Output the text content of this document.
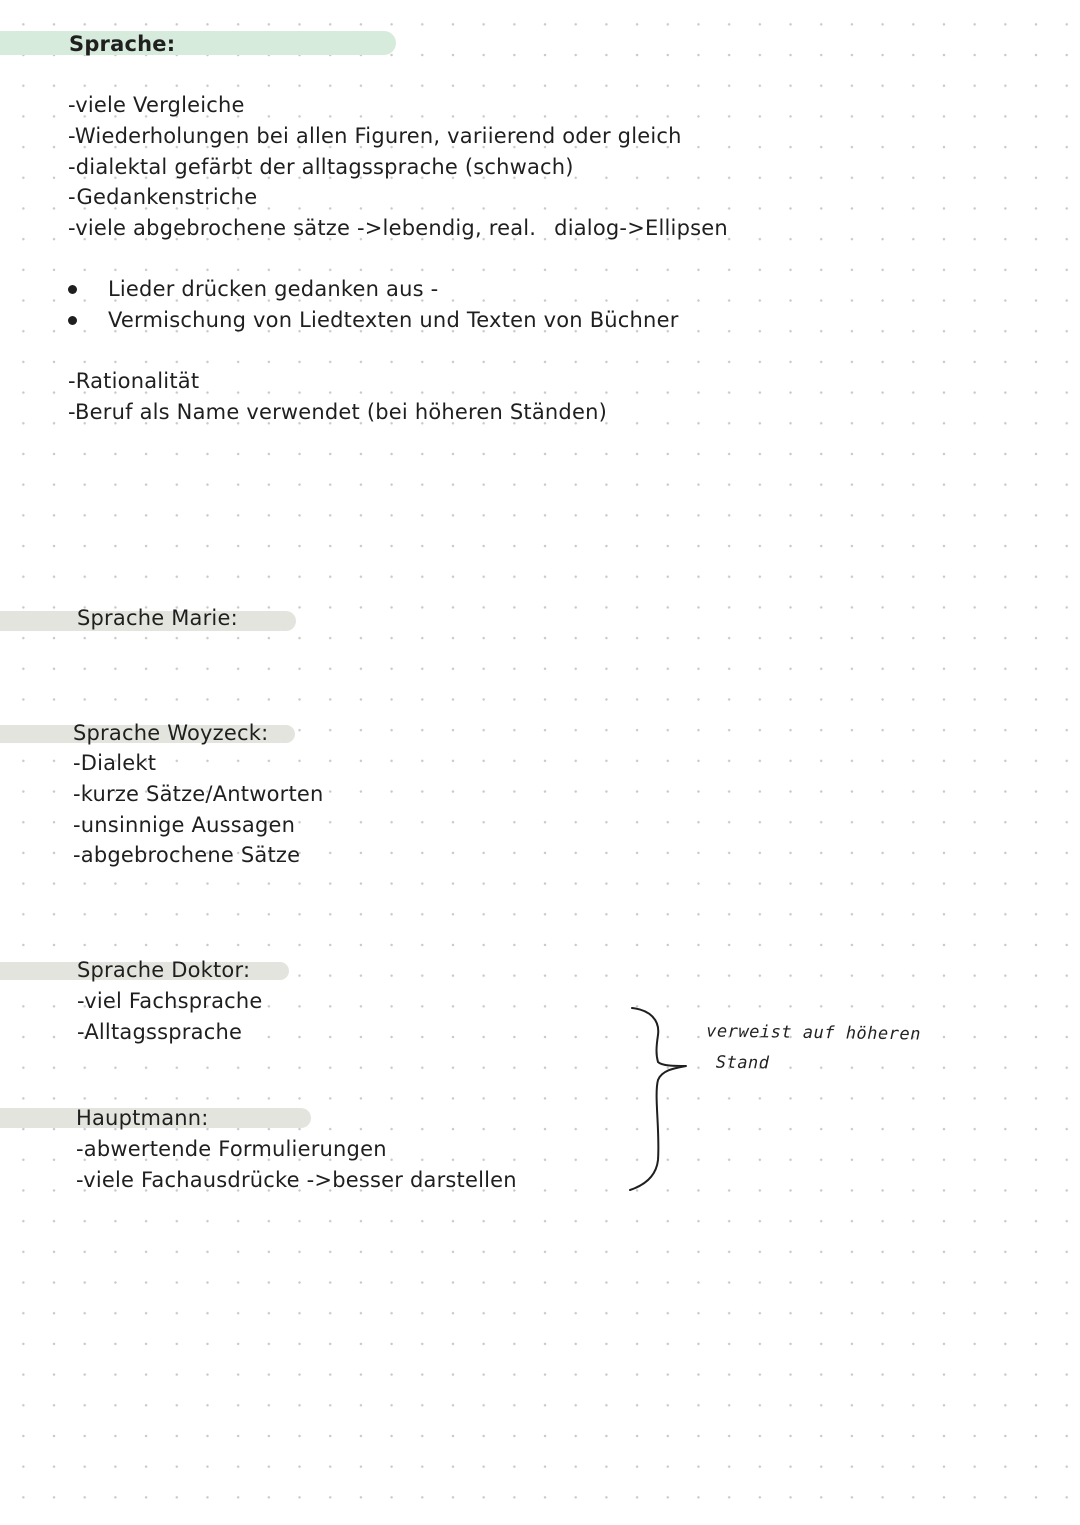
Sprache:
-viele Vergleiche
-Wiederholungen bei allen Figuren, variierend oder gleich
-dialektal gefärbt der alltagssprache (schwach)
-Gedankenstriche
-viele abgebrochene sätze ->lebendig, real. dialog->Ellipsen
Lieder drücken gedanken aus -
Vermischung von Liedtexten und Texten von Büchner
-Rationalität
-Beruf als Name verwendet (bei höheren Ständen)
Sprache Marie:
Sprache Woyzeck:
-Dialekt
-kurze Sätze/Antworten
-unsinnige Aussagen
-abgebrochene Sätze
Sprache Doktor:
-viel Fachsprache
-Alltagssprache
Hauptmann:
-abwertende Formulierungen
-viele Fachausdrücke ->besser darstellen
verweist auf höheren
Stand
